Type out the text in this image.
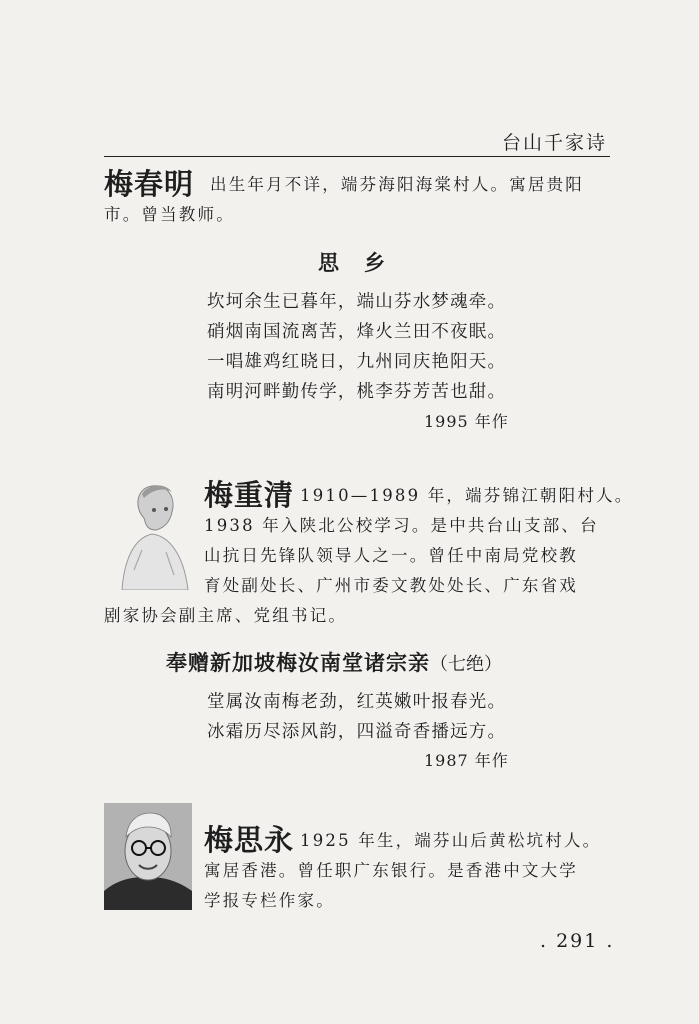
台山千家诗
梅春明 出生年月不详，端芬海阳海棠村人。寓居贵阳
市。曾当教师。
思　乡
坎坷余生已暮年，端山芬水梦魂牵。
硝烟南国流离苦，烽火兰田不夜眠。
一唱雄鸡红晓日，九州同庆艳阳天。
南明河畔勤传学，桃李芬芳苦也甜。
1995 年作
梅重清 1910—1989 年，端芬锦江朝阳村人。
1938 年入陕北公校学习。是中共台山支部、台
山抗日先锋队领导人之一。曾任中南局党校教
育处副处长、广州市委文教处处长、广东省戏
剧家协会副主席、党组书记。
奉赠新加坡梅汝南堂诸宗亲（七绝）
堂属汝南梅老劲，红英嫩叶报春光。
冰霜历尽添风韵，四溢奇香播远方。
1987 年作
梅思永 1925 年生，端芬山后黄松坑村人。
寓居香港。曾任职广东银行。是香港中文大学
学报专栏作家。
. 291 .
